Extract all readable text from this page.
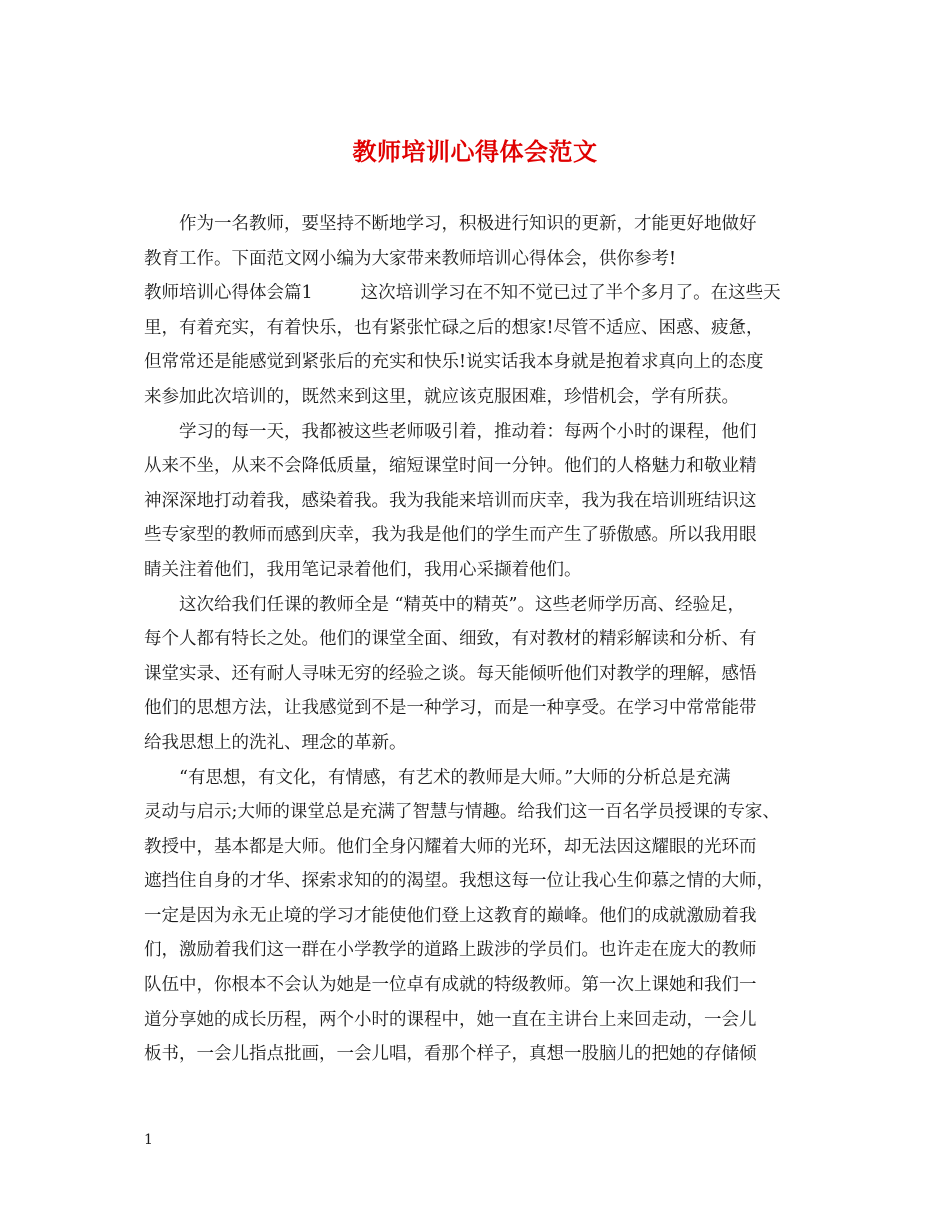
教师培训心得体会范文
作为一名教师，要坚持不断地学习，积极进行知识的更新，才能更好地做好
教育工作。下面范文网小编为大家带来教师培训心得体会，供你参考!
教师培训心得体会篇1	这次培训学习在不知不觉已过了半个多月了。在这些天
里，有着充实，有着快乐，也有紧张忙碌之后的想家!尽管不适应、困惑、疲惫，
但常常还是能感觉到紧张后的充实和快乐!说实话我本身就是抱着求真向上的态度
来参加此次培训的，既然来到这里，就应该克服困难，珍惜机会，学有所获。
学习的每一天，我都被这些老师吸引着，推动着：每两个小时的课程，他们
从来不坐，从来不会降低质量，缩短课堂时间一分钟。他们的人格魅力和敬业精
神深深地打动着我，感染着我。我为我能来培训而庆幸，我为我在培训班结识这
些专家型的教师而感到庆幸，我为我是他们的学生而产生了骄傲感。所以我用眼
睛关注着他们，我用笔记录着他们，我用心采撷着他们。
这次给我们任课的教师全是 “精英中的精英”。这些老师学历高、经验足，
每个人都有特长之处。他们的课堂全面、细致，有对教材的精彩解读和分析、有
课堂实录、还有耐人寻味无穷的经验之谈。每天能倾听他们对教学的理解，感悟
他们的思想方法，让我感觉到不是一种学习，而是一种享受。在学习中常常能带
给我思想上的洗礼、理念的革新。
“有思想，有文化，有情感，有艺术的教师是大师。”大师的分析总是充满
灵动与启示;大师的课堂总是充满了智慧与情趣。给我们这一百名学员授课的专家、
教授中，基本都是大师。他们全身闪耀着大师的光环，却无法因这耀眼的光环而
遮挡住自身的才华、探索求知的的渴望。我想这每一位让我心生仰慕之情的大师，
一定是因为永无止境的学习才能使他们登上这教育的巅峰。他们的成就激励着我
们，激励着我们这一群在小学教学的道路上跋涉的学员们。也许走在庞大的教师
队伍中，你根本不会认为她是一位卓有成就的特级教师。第一次上课她和我们一
道分享她的成长历程，两个小时的课程中，她一直在主讲台上来回走动，一会儿
板书，一会儿指点批画，一会儿唱，看那个样子，真想一股脑儿的把她的存储倾
1
